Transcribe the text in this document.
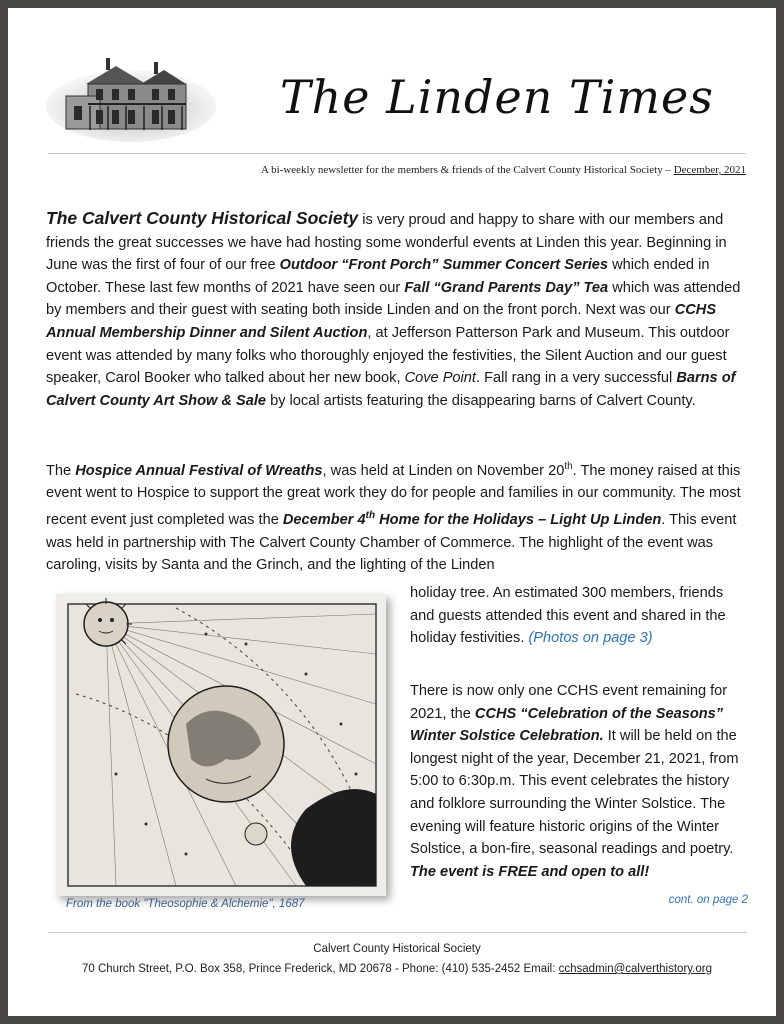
The Linden Times
A bi-weekly newsletter for the members & friends of the Calvert County Historical Society – December, 2021
The Calvert County Historical Society is very proud and happy to share with our members and friends the great successes we have had hosting some wonderful events at Linden this year. Beginning in June was the first of four of our free Outdoor “Front Porch” Summer Concert Series which ended in October. These last few months of 2021 have seen our Fall “Grand Parents Day” Tea which was attended by members and their guest with seating both inside Linden and on the front porch. Next was our CCHS Annual Membership Dinner and Silent Auction, at Jefferson Patterson Park and Museum. This outdoor event was attended by many folks who thoroughly enjoyed the festivities, the Silent Auction and our guest speaker, Carol Booker who talked about her new book, Cove Point. Fall rang in a very successful Barns of Calvert County Art Show & Sale by local artists featuring the disappearing barns of Calvert County.
The Hospice Annual Festival of Wreaths, was held at Linden on November 20th. The money raised at this event went to Hospice to support the great work they do for people and families in our community. The most recent event just completed was the December 4th Home for the Holidays – Light Up Linden. This event was held in partnership with The Calvert County Chamber of Commerce. The highlight of the event was caroling, visits by Santa and the Grinch, and the lighting of the Linden
holiday tree. An estimated 300 members, friends and guests attended this event and shared in the holiday festivities. (Photos on page 3)
There is now only one CCHS event remaining for 2021, the CCHS “Celebration of the Seasons” Winter Solstice Celebration. It will be held on the longest night of the year, December 21, 2021, from 5:00 to 6:30p.m. This event celebrates the history and folklore surrounding the Winter Solstice. The evening will feature historic origins of the Winter Solstice, a bon-fire, seasonal readings and poetry. The event is FREE and open to all!
From the book "Theosophie & Alchemie", 1687	cont. on page 2
Calvert County Historical Society
70 Church Street, P.O. Box 358, Prince Frederick, MD 20678 - Phone: (410) 535-2452 Email: cchsadmin@calverthistory.org
